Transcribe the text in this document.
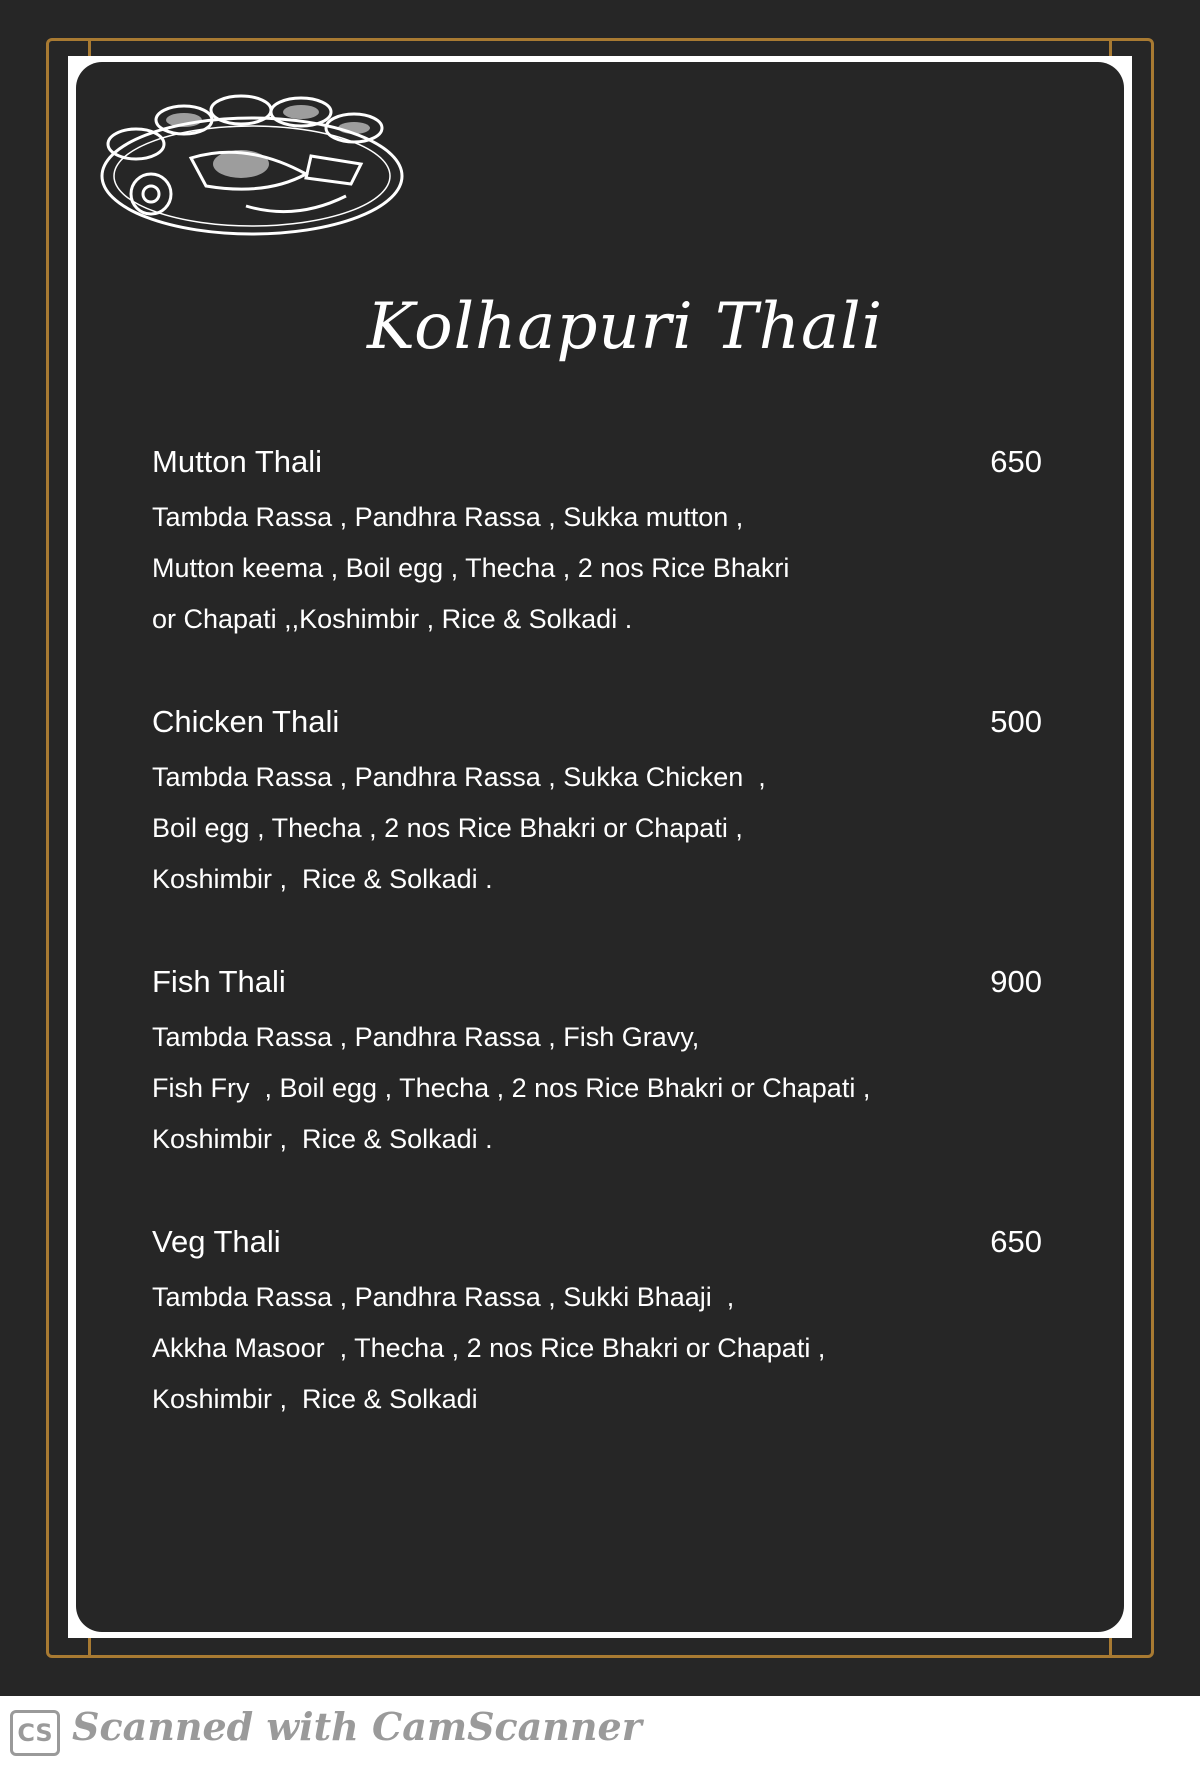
Kolhapuri Thali
Mutton Thali	650
Tambda Rassa , Pandhra Rassa , Sukka mutton ,
Mutton keema , Boil egg , Thecha , 2 nos Rice Bhakri
or Chapati ,,Koshimbir , Rice & Solkadi .
Chicken Thali	500
Tambda Rassa , Pandhra Rassa , Sukka Chicken  ,
Boil egg , Thecha , 2 nos Rice Bhakri or Chapati ,
Koshimbir ,  Rice & Solkadi .
Fish Thali	900
Tambda Rassa , Pandhra Rassa , Fish Gravy,
Fish Fry  , Boil egg , Thecha , 2 nos Rice Bhakri or Chapati ,
Koshimbir ,  Rice & Solkadi .
Veg Thali	650
Tambda Rassa , Pandhra Rassa , Sukki Bhaaji  ,
Akkha Masoor  , Thecha , 2 nos Rice Bhakri or Chapati ,
Koshimbir ,  Rice & Solkadi
CS Scanned with CamScanner
